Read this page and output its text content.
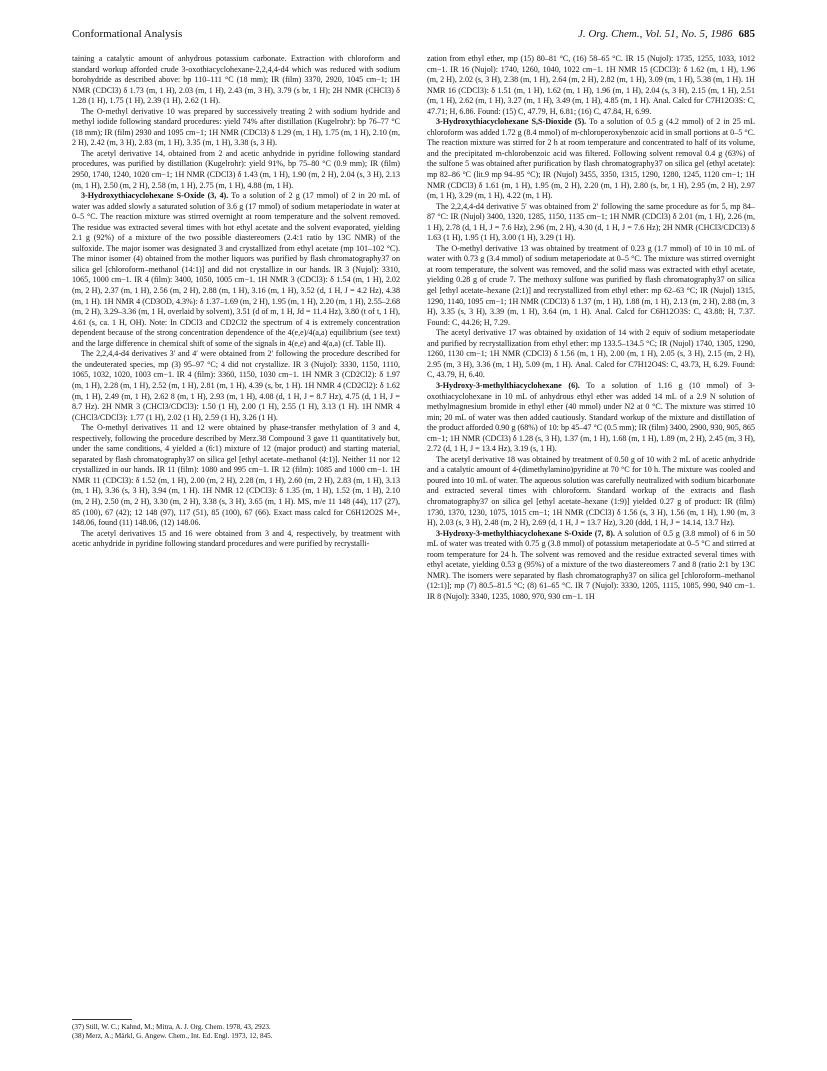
Conformational Analysis	J. Org. Chem., Vol. 51, No. 5, 1986 685

taining a catalytic amount of anhydrous potassium carbonate. Extraction with chloroform and standard workup afforded crude 3-oxothiacyclohexane-2,2,4,4-d4 which was reduced with sodium borohydride as described above: bp 110–111 °C (18 mm); IR (film) 3370, 2920, 1045 cm−1; 1H NMR (CDCl3) δ 1.73 (m, 1 H), 2.03 (m, 1 H), 2.43 (m, 3 H), 3.79 (s br, 1 H); 2H NMR (CHCl3) δ 1.28 (1 H), 1.75 (1 H), 2.39 (1 H), 2.62 (1 H).

The O-methyl derivative 10 was prepared by successively treating 2 with sodium hydride and methyl iodide following standard procedures: yield 74% after distillation (Kugelrohr): bp 76–77 °C (18 mm); IR (film) 2930 and 1095 cm−1; 1H NMR (CDCl3) δ 1.29 (m, 1 H), 1.75 (m, 1 H), 2.10 (m, 2 H), 2.42 (m, 3 H), 2.83 (m, 1 H), 3.35 (m, 1 H), 3.38 (s, 3 H).

The acetyl derivative 14, obtained from 2 and acetic anhydride in pyridine following standard procedures, was purified by distillation (Kugelrohr): yield 91%, bp 75–80 °C (0.9 mm); IR (film) 2950, 1740, 1240, 1020 cm−1; 1H NMR (CDCl3) δ 1.43 (m, 1 H), 1.90 (m, 2 H), 2.04 (s, 3 H), 2.13 (m, 1 H), 2.50 (m, 2 H), 2.58 (m, 1 H), 2.75 (m, 1 H), 4.88 (m, 1 H).

3-Hydroxythiacyclohexane S-Oxide (3, 4). To a solution of 2 g (17 mmol) of 2 in 20 mL of water was added slowly a saturated solution of 3.6 g (17 mmol) of sodium metaperiodate in water at 0–5 °C. The reaction mixture was stirred overnight at room temperature and the solvent removed. The residue was extracted several times with hot ethyl acetate and the solvent evaporated, yielding 2.1 g (92%) of a mixture of the two possible diastereomers (2.4:1 ratio by 13C NMR) of the sulfoxide. The major isomer was designated 3 and crystallized from ethyl acetate (mp 101–102 °C). The minor isomer (4) obtained from the mother liquors was purified by flash chromatography37 on silica gel [chloroform–methanol (14:1)] and did not crystallize in our hands. IR 3 (Nujol): 3310, 1065, 1000 cm−1. IR 4 (film): 3400, 1050, 1005 cm−1. 1H NMR 3 (CDCl3): δ 1.54 (m, 1 H), 2.02 (m, 2 H), 2.37 (m, 1 H), 2.56 (m, 2 H), 2.88 (m, 1 H), 3.16 (m, 1 H), 3.52 (d, 1 H, J = 4.2 Hz), 4.38 (m, 1 H). 1H NMR 4 (CD3OD, 4.3%): δ 1.37–1.69 (m, 2 H), 1.95 (m, 1 H), 2.20 (m, 1 H), 2.55–2.68 (m, 2 H), 3.29–3.36 (m, 1 H, overlaid by solvent), 3.51 (d of m, 1 H, Jd = 11.4 Hz), 3.80 (t of t, 1 H), 4.61 (s, ca. 1 H, OH). Note: In CDCl3 and CD2Cl2 the spectrum of 4 is extremely concentration dependent because of the strong concentration dependence of the 4(e,e)/4(a,a) equilibrium (see text) and the large difference in chemical shift of some of the signals in 4(e,e) and 4(a,a) (cf. Table II).

The 2,2,4,4-d4 derivatives 3′ and 4′ were obtained from 2′ following the procedure described for the undeuterated species, mp (3) 95–97 °C; 4 did not crystallize. IR 3 (Nujol): 3330, 1150, 1110, 1065, 1032, 1020, 1003 cm−1. IR 4 (film): 3360, 1150, 1030 cm−1. 1H NMR 3 (CD2Cl2): δ 1.97 (m, 1 H), 2.28 (m, 1 H), 2.52 (m, 1 H), 2.81 (m, 1 H), 4.39 (s, br, 1 H). 1H NMR 4 (CD2Cl2): δ 1.62 (m, 1 H), 2.49 (m, 1 H), 2.62 8 (m, 1 H), 2.93 (m, 1 H), 4.08 (d, 1 H, J = 8.7 Hz), 4.75 (d, 1 H, J = 8.7 Hz). 2H NMR 3 (CHCl3/CDCl3): 1.50 (1 H), 2.00 (1 H), 2.55 (1 H), 3.13 (1 H). 1H NMR 4 (CHCl3/CDCl3): 1.77 (1 H), 2.02 (1 H), 2.59 (1 H), 3.26 (1 H).

The O-methyl derivatives 11 and 12 were obtained by phase-transfer methylation of 3 and 4, respectively, following the procedure described by Merz.38 Compound 3 gave 11 quantitatively but, under the same conditions, 4 yielded a (6:1) mixture of 12 (major product) and starting material, separated by flash chromatography37 on silica gel [ethyl acetate–methanol (4:1)]. Neither 11 nor 12 crystallized in our hands. IR 11 (film): 1080 and 995 cm−1. IR 12 (film): 1085 and 1000 cm−1. 1H NMR 11 (CDCl3): δ 1.52 (m, 1 H), 2.00 (m, 2 H), 2.28 (m, 1 H), 2.60 (m, 2 H), 2.83 (m, 1 H), 3.13 (m, 1 H), 3.36 (s, 3 H), 3.94 (m, 1 H). 1H NMR 12 (CDCl3): δ 1.35 (m, 1 H), 1.52 (m, 1 H), 2.10 (m, 2 H), 2.50 (m, 2 H), 3.30 (m, 2 H), 3.38 (s, 3 H), 3.65 (m, 1 H). MS, m/e 11 148 (44), 117 (27), 85 (100), 67 (42); 12 148 (97), 117 (51), 85 (100), 67 (66). Exact mass calcd for C6H12O2S M+, 148.06, found (11) 148.06, (12) 148.06.

The acetyl derivatives 15 and 16 were obtained from 3 and 4, respectively, by treatment with acetic anhydride in pyridine following standard procedures and were purified by recrystalli-

(37) Still, W. C.; Kahnd, M.; Mitra, A. J. Org. Chem. 1978, 43, 2923.

(38) Merz, A.; Märkl, G. Angew. Chem., Int. Ed. Engl. 1973, 12, 845.

zation from ethyl ether, mp (15) 80–81 °C, (16) 58–65 °C. IR 15 (Nujol): 1735, 1255, 1033, 1012 cm−1. IR 16 (Nujol): 1740, 1260, 1040, 1022 cm−1. 1H NMR 15 (CDCl3): δ 1.62 (m, 1 H), 1.96 (m, 2 H), 2.02 (s, 3 H), 2.38 (m, 1 H), 2.64 (m, 2 H), 2.82 (m, 1 H), 3.09 (m, 1 H), 5.38 (m, 1 H). 1H NMR 16 (CDCl3): δ 1.51 (m, 1 H), 1.62 (m, 1 H), 1.96 (m, 1 H), 2.04 (s, 3 H), 2.15 (m, 1 H), 2.51 (m, 1 H), 2.62 (m, 1 H), 3.27 (m, 1 H), 3.49 (m, 1 H), 4.85 (m, 1 H). Anal. Calcd for C7H12O3S: C, 47.71; H, 6.86. Found: (15) C, 47.79, H, 6.81; (16) C, 47.84, H, 6.99.

3-Hydroxythiacyclohexane S,S-Dioxide (5). To a solution of 0.5 g (4.2 mmol) of 2 in 25 mL chloroform was added 1.72 g (8.4 mmol) of m-chloroperoxybenzoic acid in small portions at 0–5 °C. The reaction mixture was stirred for 2 h at room temperature and concentrated to half of its volume, and the precipitated m-chlorobenzoic acid was filtered. Following solvent removal 0.4 g (63%) of the sulfone 5 was obtained after purification by flash chromatography37 on silica gel (ethyl acetate): mp 82–86 °C (lit.9 mp 94–95 °C); IR (Nujol) 3455, 3350, 1315, 1290, 1280, 1245, 1120 cm−1; 1H NMR (CDCl3) δ 1.61 (m, 1 H), 1.95 (m, 2 H), 2.20 (m, 1 H), 2.80 (s, br, 1 H), 2.95 (m, 2 H), 2.97 (m, 1 H), 3.29 (m, 1 H), 4.22 (m, 1 H).

The 2,2,4,4-d4 derivative 5′ was obtained from 2′ following the same procedure as for 5, mp 84–87 °C: IR (Nujol) 3400, 1320, 1285, 1150, 1135 cm−1; 1H NMR (CDCl3) δ 2.01 (m, 1 H), 2.26 (m, 1 H), 2.78 (d, 1 H, J = 7.6 Hz), 2.96 (m, 2 H), 4.30 (d, 1 H, J = 7.6 Hz); 2H NMR (CHCl3/CDCl3) δ 1.63 (1 H), 1.95 (1 H), 3.00 (1 H), 3.29 (1 H).

The O-methyl derivative 13 was obtained by treatment of 0.23 g (1.7 mmol) of 10 in 10 mL of water with 0.73 g (3.4 mmol) of sodium metaperiodate at 0–5 °C. The mixture was stirred overnight at room temperature, the solvent was removed, and the solid mass was extracted with ethyl acetate, yielding 0.28 g of crude 7. The methoxy sulfone was purified by flash chromatography37 on silica gel [ethyl acetate–hexane (2:1)] and recrystallized from ethyl ether: mp 62–63 °C; IR (Nujol) 1315, 1290, 1140, 1095 cm−1; 1H NMR (CDCl3) δ 1.37 (m, 1 H), 1.88 (m, 1 H), 2.13 (m, 2 H), 2.88 (m, 3 H), 3.35 (s, 3 H), 3.39 (m, 1 H), 3.64 (m, 1 H). Anal. Calcd for C6H12O3S: C, 43.88; H, 7.37. Found: C, 44.26; H, 7.29.

The acetyl derivative 17 was obtained by oxidation of 14 with 2 equiv of sodium metaperiodate and purified by recrystallization from ethyl ether: mp 133.5–134.5 °C; IR (Nujol) 1740, 1305, 1290, 1260, 1130 cm−1; 1H NMR (CDCl3) δ 1.56 (m, 1 H), 2.00 (m, 1 H), 2.05 (s, 3 H), 2.15 (m, 2 H), 2.95 (m, 3 H), 3.36 (m, 1 H), 5.09 (m, 1 H). Anal. Calcd for C7H12O4S: C, 43.73, H, 6.29. Found: C, 43.79, H, 6.40.

3-Hydroxy-3-methylthiacyclohexane (6). To a solution of 1.16 g (10 mmol) of 3-oxothiacyclohexane in 10 mL of anhydrous ethyl ether was added 14 mL of a 2.9 N solution of methylmagnesium bromide in ethyl ether (40 mmol) under N2 at 0 °C. The mixture was stirred 10 min; 20 mL of water was then added cautiously. Standard workup of the mixture and distillation of the product afforded 0.90 g (68%) of 10: bp 45–47 °C (0.5 mm); IR (film) 3400, 2900, 930, 905, 865 cm−1; 1H NMR (CDCl3) δ 1.28 (s, 3 H), 1.37 (m, 1 H), 1.68 (m, 1 H), 1.89 (m, 2 H), 2.45 (m, 3 H), 2.72 (d, 1 H, J = 13.4 Hz), 3.19 (s, 1 H).

The acetyl derivative 18 was obtained by treatment of 0.50 g of 10 with 2 mL of acetic anhydride and a catalytic amount of 4-(dimethylamino)pyridine at 70 °C for 10 h. The mixture was cooled and poured into 10 mL of water. The aqueous solution was carefully neutralized with sodium bicarbonate and extracted several times with chloroform. Standard workup of the extracts and flash chromatography37 on silica gel [ethyl acetate–hexane (1:9)] yielded 0.27 g of product: IR (film) 1730, 1370, 1230, 1075, 1015 cm−1; 1H NMR (CDCl3) δ 1.56 (s, 3 H), 1.56 (m, 1 H), 1.90 (m, 3 H), 2.03 (s, 3 H), 2.48 (m, 2 H), 2.69 (d, 1 H, J = 13.7 Hz), 3.20 (ddd, 1 H, J = 14.14, 13.7 Hz).

3-Hydroxy-3-methylthiacyclohexane S-Oxide (7, 8). A solution of 0.5 g (3.8 mmol) of 6 in 50 mL of water was treated with 0.75 g (3.8 mmol) of potassium metaperiodate at 0–5 °C and stirred at room temperature for 24 h. The solvent was removed and the residue extracted several times with ethyl acetate, yielding 0.53 g (95%) of a mixture of the two diastereomers 7 and 8 (ratio 2:1 by 13C NMR). The isomers were separated by flash chromatography37 on silica gel [chloroform–methanol (12:1)]; mp (7) 80.5–81.5 °C; (8) 61–65 °C. IR 7 (Nujol): 3330, 1205, 1115, 1085, 990, 940 cm−1. IR 8 (Nujol): 3340, 1235, 1080, 970, 930 cm−1. 1H
